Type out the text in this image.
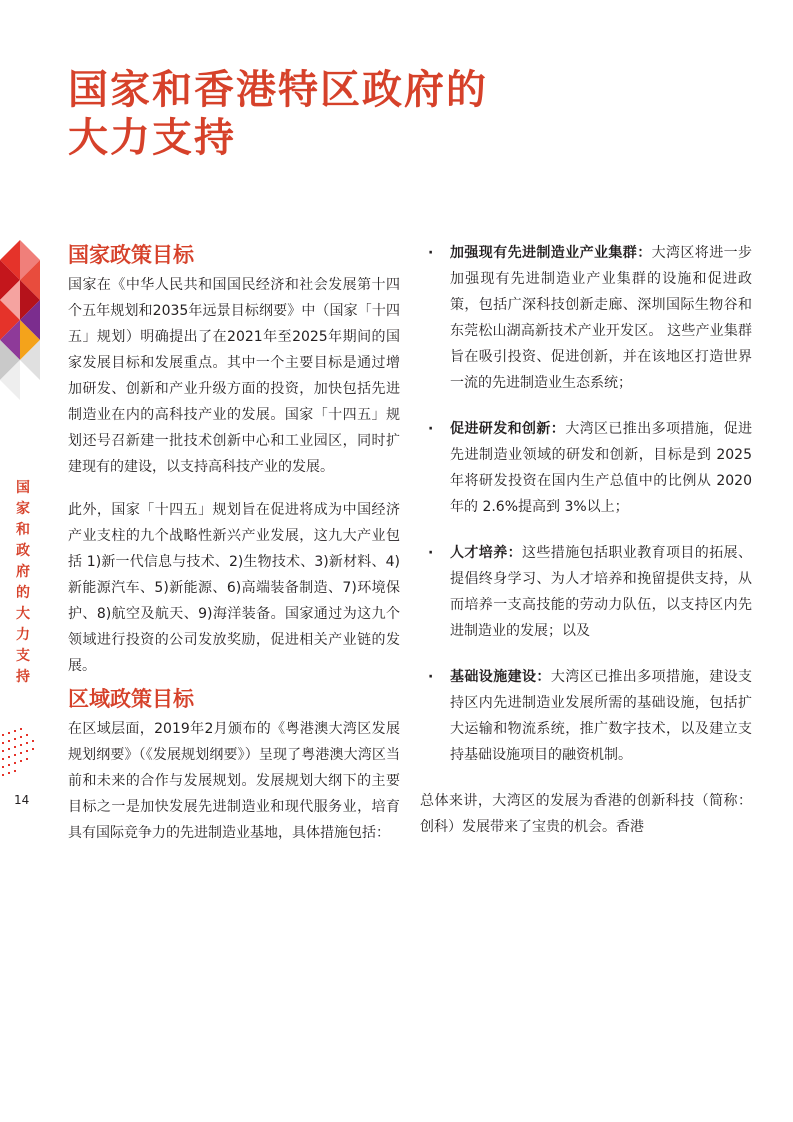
国家和香港特区政府的
大力支持
国家和政府的大力支持
14
国家政策目标

国家在《中华人民共和国国民经济和社会发展第十四个五年规划和2035年远景目标纲要》中（国家「十四五」规划）明确提出了在2021年至2025年期间的国家发展目标和发展重点。其中一个主要目标是通过增加研发、创新和产业升级方面的投资，加快包括先进制造业在内的高科技产业的发展。国家「十四五」规划还号召新建一批技术创新中心和工业园区，同时扩建现有的建设，以支持高科技产业的发展。

此外，国家「十四五」规划旨在促进将成为中国经济产业支柱的九个战略性新兴产业发展，这九大产业包括 1)新一代信息与技术、2)生物技术、3)新材料、4)新能源汽车、5)新能源、6)高端装备制造、7)环境保护、8)航空及航天、9)海洋装备。国家通过为这九个领域进行投资的公司发放奖励，促进相关产业链的发展。

区域政策目标

在区域层面，2019年2月颁布的《粤港澳大湾区发展规划纲要》（《发展规划纲要》）呈现了粤港澳大湾区当前和未来的合作与发展规划。发展规划大纲下的主要目标之一是加快发展先进制造业和现代服务业，培育具有国际竞争力的先进制造业基地，具体措施包括：

· 加强现有先进制造业产业集群：大湾区将进一步加强现有先进制造业产业集群的设施和促进政策，包括广深科技创新走廊、深圳国际生物谷和东莞松山湖高新技术产业开发区。 这些产业集群旨在吸引投资、促进创新，并在该地区打造世界一流的先进制造业生态系统；

· 促进研发和创新：大湾区已推出多项措施，促进先进制造业领域的研发和创新，目标是到 2025 年将研发投资在国内生产总值中的比例从 2020 年的 2.6%提高到 3%以上；

· 人才培养：这些措施包括职业教育项目的拓展、提倡终身学习、为人才培养和挽留提供支持，从而培养一支高技能的劳动力队伍，以支持区内先进制造业的发展；以及

· 基础设施建设：大湾区已推出多项措施，建设支持区内先进制造业发展所需的基础设施，包括扩大运输和物流系统，推广数字技术，以及建立支持基础设施项目的融资机制。

总体来讲，大湾区的发展为香港的创新科技（简称：创科）发展带来了宝贵的机会。香港
